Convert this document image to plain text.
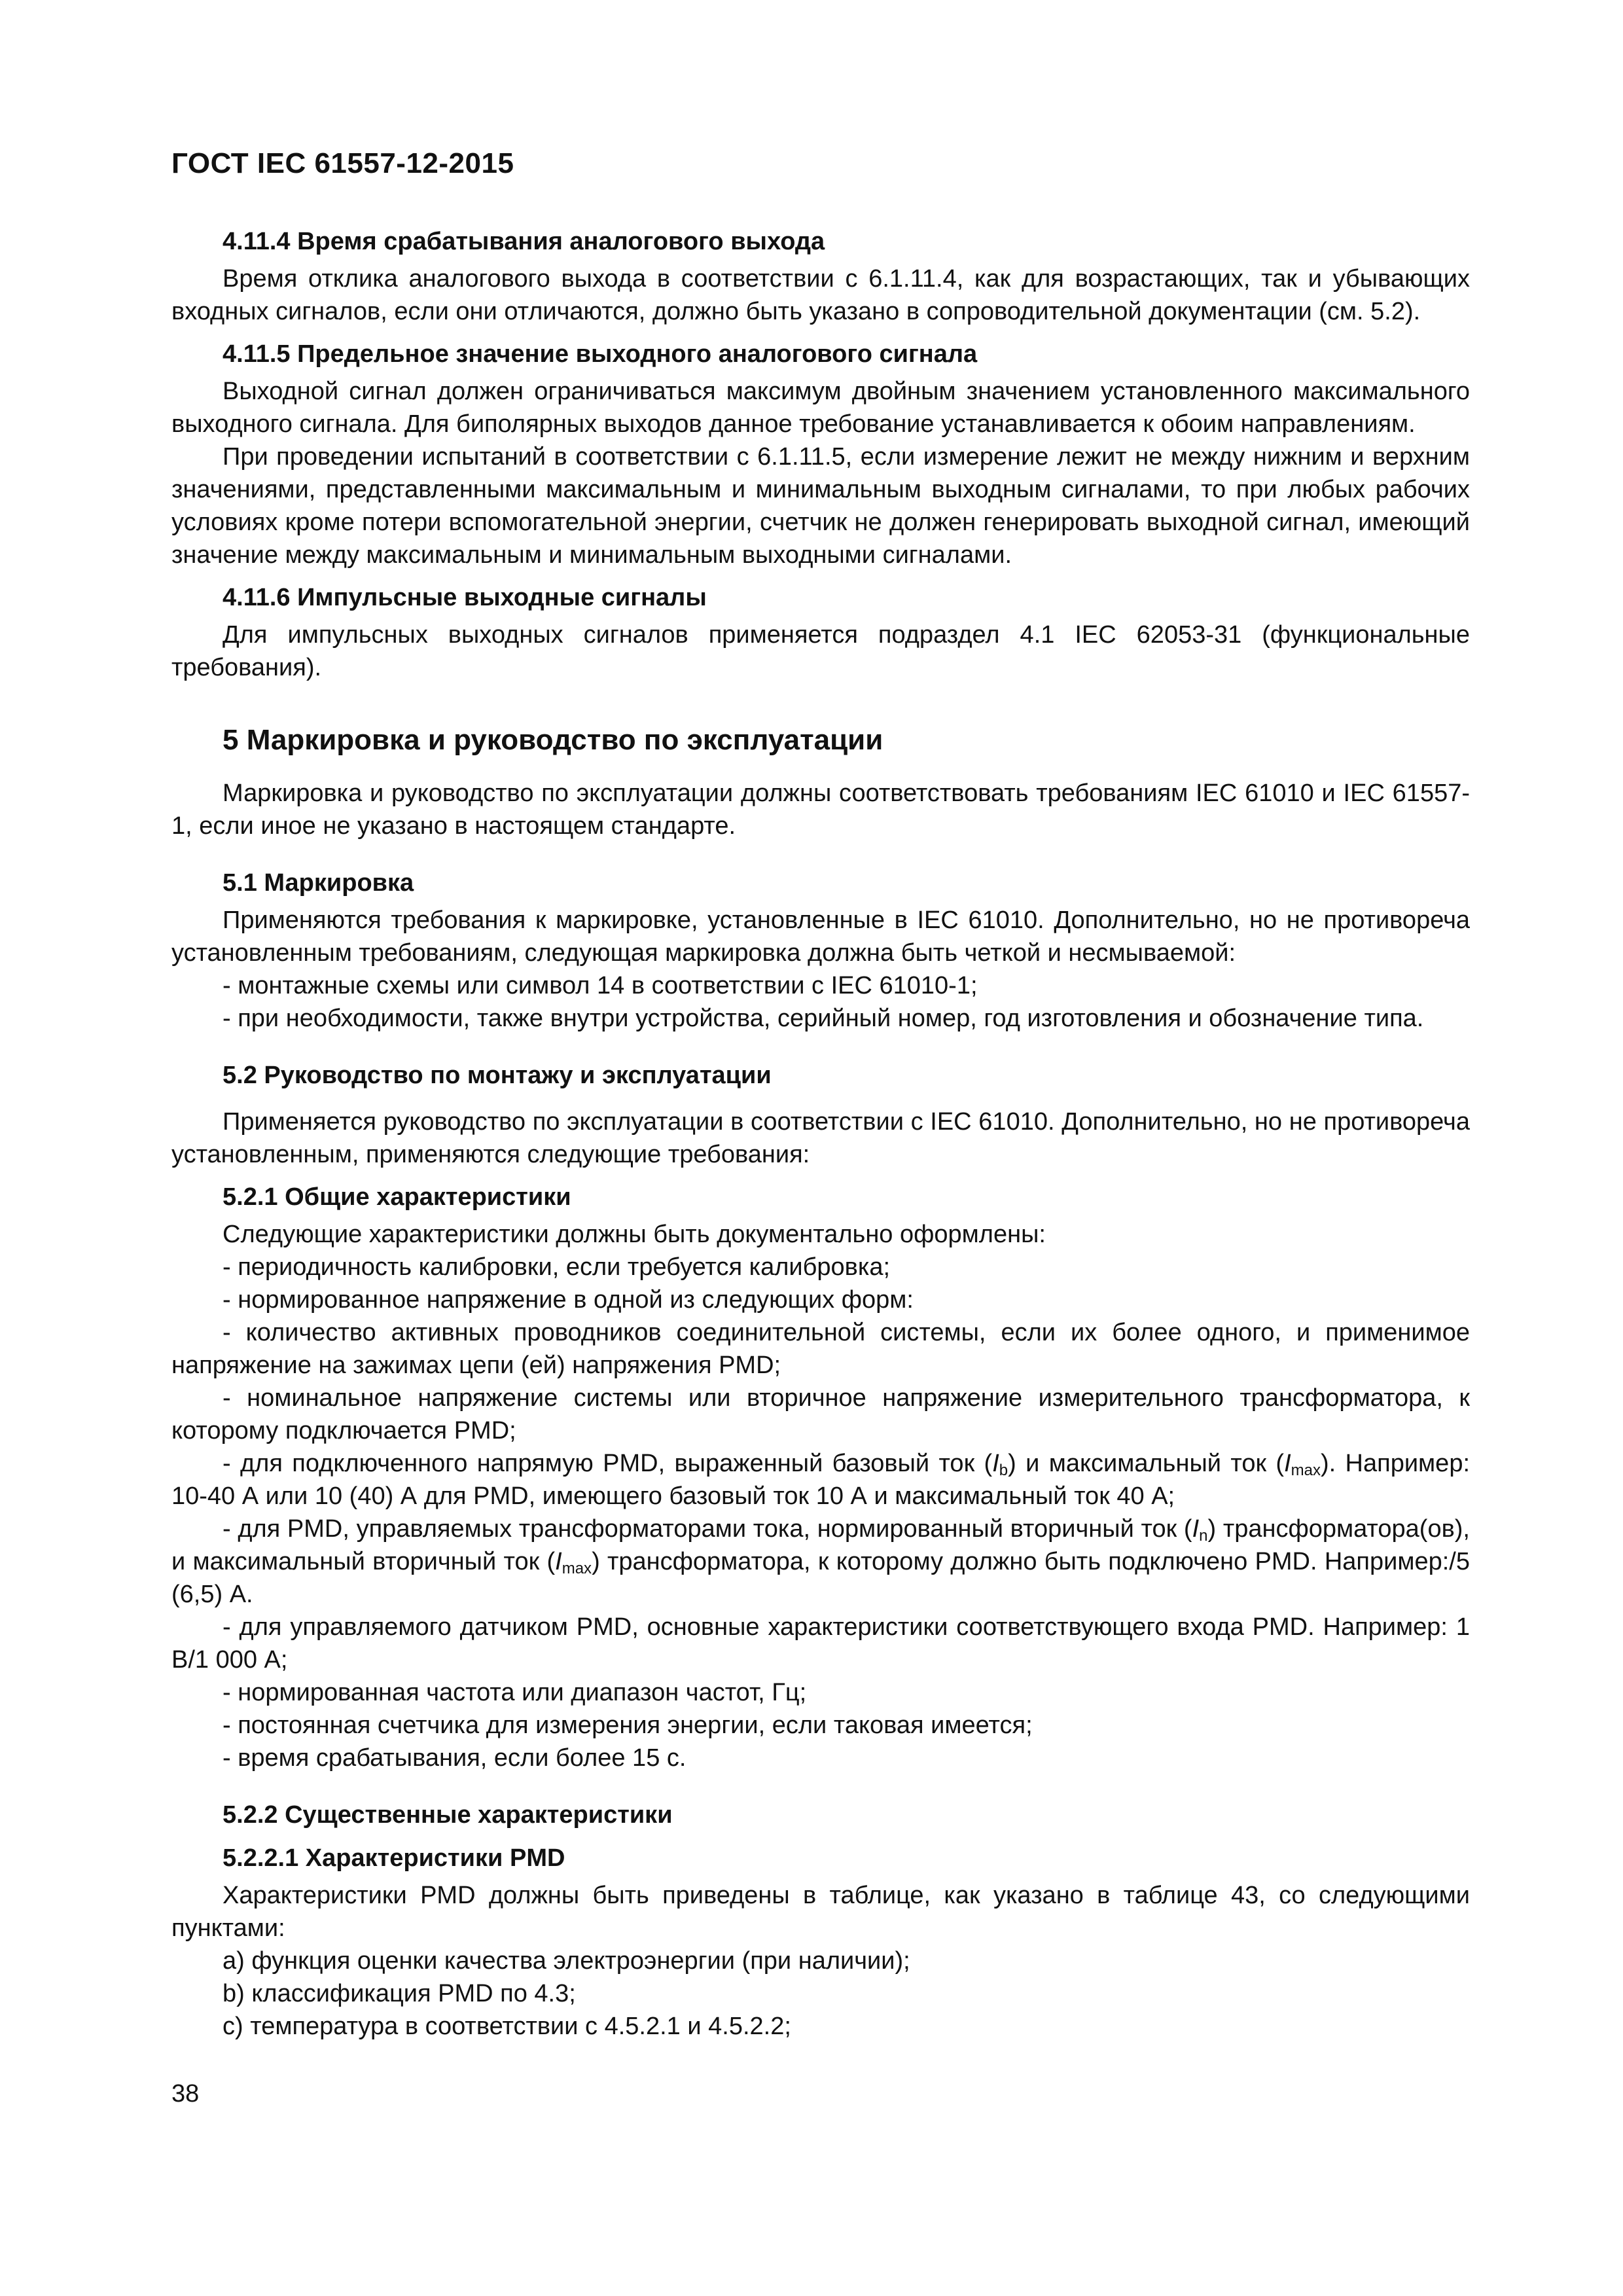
ГОСТ IEC 61557-12-2015
4.11.4 Время срабатывания аналогового выхода

Время отклика аналогового выхода в соответствии с 6.1.11.4, как для возрастающих, так и убывающих входных сигналов, если они отличаются, должно быть указано в сопроводительной документации (см. 5.2).

4.11.5 Предельное значение выходного аналогового сигнала

Выходной сигнал должен ограничиваться максимум двойным значением установленного максимального выходного сигнала. Для биполярных выходов данное требование устанавливается к обоим направлениям.

При проведении испытаний в соответствии с 6.1.11.5, если измерение лежит не между нижним и верхним значениями, представленными максимальным и минимальным выходным сигналами, то при любых рабочих условиях кроме потери вспомогательной энергии, счетчик не должен генерировать выходной сигнал, имеющий значение между максимальным и минимальным выходными сигналами.

4.11.6 Импульсные выходные сигналы

Для импульсных выходных сигналов применяется подраздел 4.1 IEC 62053-31 (функциональные требования).

5 Маркировка и руководство по эксплуатации

Маркировка и руководство по эксплуатации должны соответствовать требованиям IEC 61010 и IEC 61557-1, если иное не указано в настоящем стандарте.

5.1 Маркировка

Применяются требования к маркировке, установленные в IEC 61010. Дополнительно, но не противореча установленным требованиям, следующая маркировка должна быть четкой и несмываемой:

- монтажные схемы или символ 14 в соответствии с IEC 61010-1;

- при необходимости, также внутри устройства, серийный номер, год изготовления и обозначение типа.

5.2 Руководство по монтажу и эксплуатации

Применяется руководство по эксплуатации в соответствии с IEC 61010. Дополнительно, но не противореча установленным, применяются следующие требования:

5.2.1 Общие характеристики

Следующие характеристики должны быть документально оформлены:

- периодичность калибровки, если требуется калибровка;

- нормированное напряжение в одной из следующих форм:

- количество активных проводников соединительной системы, если их более одного, и применимое напряжение на зажимах цепи (ей) напряжения PMD;

- номинальное напряжение системы или вторичное напряжение измерительного трансформатора, к которому подключается PMD;

- для подключенного напрямую PMD, выраженный базовый ток $(I_b)$ и максимальный ток $(I_{max})$. Например: 10-40 А или 10 (40) А для PMD, имеющего базовый ток 10 А и максимальный ток 40 А;

- для PMD, управляемых трансформаторами тока, нормированный вторичный ток $(I_n)$ трансформатора(ов), и максимальный вторичный ток $(I_{max})$ трансформатора, к которому должно быть подключено PMD. Например:/5 (6,5) А.

- для управляемого датчиком PMD, основные характеристики соответствующего входа PMD. Например: 1 В/1 000 А;

- нормированная частота или диапазон частот, Гц;

- постоянная счетчика для измерения энергии, если таковая имеется;

- время срабатывания, если более 15 с.

5.2.2 Существенные характеристики
5.2.2.1 Характеристики PMD

Характеристики PMD должны быть приведены в таблице, как указано в таблице 43, со следующими пунктами:

a) функция оценки качества электроэнергии (при наличии);

b) классификация PMD по 4.3;

c) температура в соответствии с 4.5.2.1 и 4.5.2.2;

38
